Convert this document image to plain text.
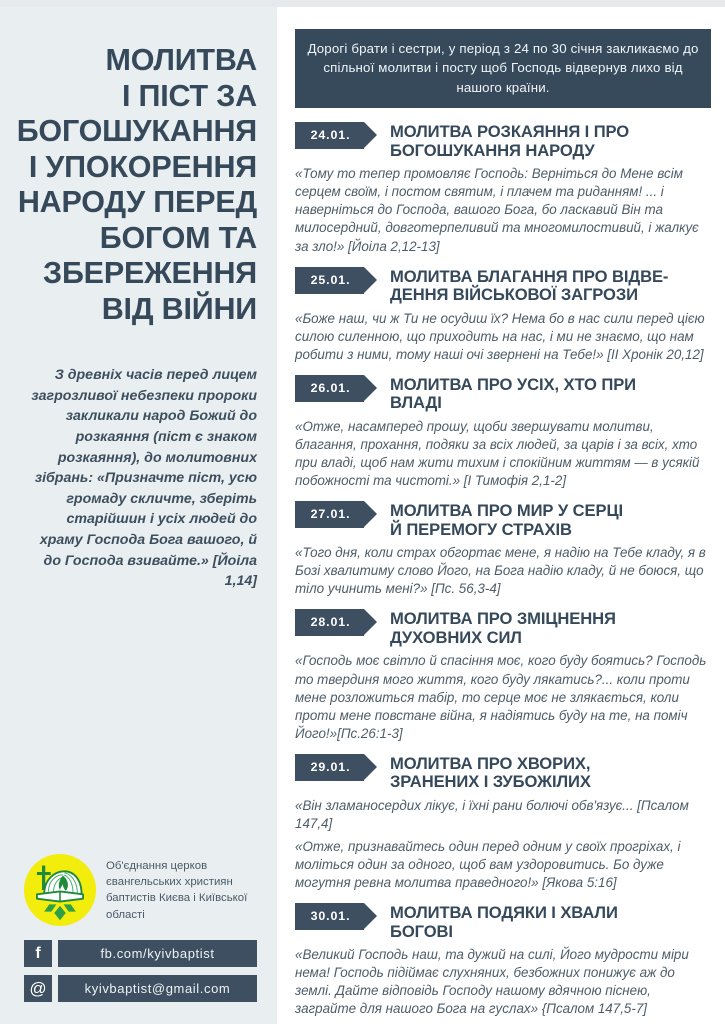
МОЛИТВА
І ПІСТ ЗА
БОГОШУКАННЯ
І УПОКОРЕННЯ
НАРОДУ ПЕРЕД
БОГОМ ТА
ЗБЕРЕЖЕННЯ
ВІД ВІЙНИ
З древніх часів перед лицем загрозливої небезпеки пророки закликали народ Божий до розкаяння (піст є знаком розкаяння), до молитовних зібрань: «Призначте піст, усю громаду скличте, зберіть старійшин і усіх людей до храму Господа Бога вашого, й до Господа взивайте.» [Йоіла 1,14]
Об'єднання церков євангельських християн баптистів Києва і Київської області
f	fb.com/kyivbaptist
@	kyivbaptist@gmail.com
Дорогі брати і сестри, у період з 24 по 30 січня закликаємо до спільної молитви і посту щоб Господь відвернув лихо від нашого країни.
24.01.	МОЛИТВА РОЗКАЯННЯ І ПРО
БОГОШУКАННЯ НАРОДУ

«Тому то тепер промовляє Господь: Верніться до Мене всім серцем своїм, і постом святим, і плачем та риданням! ... і наверніться до Господа, вашого Бога, бо ласкавий Він та милосердний, довготерпеливий та многомилостивий, і жалкує за зло!» [Йоіла 2,12-13]

25.01.	МОЛИТВА БЛАГАННЯ ПРО ВІДВЕ-
ДЕННЯ ВІЙСЬКОВОЇ ЗАГРОЗИ

«Боже наш, чи ж Ти не осудиш їх? Нема бо в нас сили перед цією силою силенною, що приходить на нас, і ми не знаємо, що нам робити з ними, тому наші очі звернені на Тебе!» [ІІ Хронік 20,12]

26.01.	МОЛИТВА ПРО УСІХ, ХТО ПРИ
ВЛАДІ

«Отже, насамперед прошу, щоби звершувати молитви, благання, прохання, подяки за всіх людей, за царів і за всіх, хто при владі, щоб нам жити тихим і спокійним життям — в усякій побожності та чистоті.» [І Тимофія 2,1-2]

27.01.	МОЛИТВА ПРО МИР У СЕРЦІ
Й ПЕРЕМОГУ СТРАХІВ

«Того дня, коли страх обгортає мене, я надію на Тебе кладу, я в Бозі хвалитиму слово Його, на Бога надію кладу, й не боюся, що тіло учинить мені?» [Пс. 56,3-4]

28.01.	МОЛИТВА ПРО ЗМІЦНЕННЯ
ДУХОВНИХ СИЛ

«Господь моє світло й спасіння моє, кого буду боятись? Господь то твердиня мого життя, кого буду лякатись?... коли проти мене розложиться табір, то серце моє не злякається, коли проти мене повстане війна, я надіятись буду на те, на поміч Його!»[Пс.26:1-3]

29.01.	МОЛИТВА ПРО ХВОРИХ,
ЗРАНЕНИХ І ЗУБОЖІЛИХ

«Він зламаносердих лікує, і їхні рани болючі обв'язує... [Псалом 147,4]

«Отже, признавайтесь один перед одним у своїх прогріхах, і моліться один за одного, щоб вам уздоровитись. Бо дуже могутня ревна молитва праведного!» [Якова 5:16]

30.01.	МОЛИТВА ПОДЯКИ І ХВАЛИ
БОГОВІ

«Великий Господь наш, та дужий на силі, Його мудрости міри нема! Господь підіймає слухняних, безбожних понижує аж до землі. Дайте відповідь Господу нашому вдячною піснею, заграйте для нашого Бога на гуслах» {Псалом 147,5-7]
